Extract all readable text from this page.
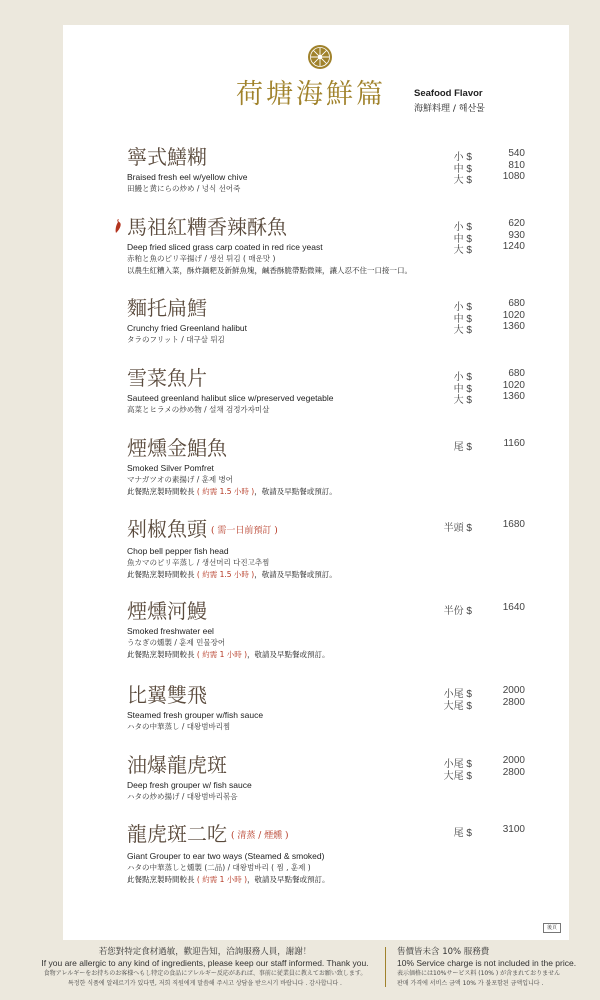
荷塘海鮮篇	Seafood Flavor
海鮮料理 / 해산물
寧式鱔糊
Braised fresh eel w/yellow chive
田鰻と黄にらの炒め / 넝식 선어죽
小 $	540
中 $	810
大 $	1080
馬祖紅糟香辣酥魚
Deep fried sliced grass carp coated in red rice yeast
赤粕と魚のピリ辛揚げ / 생선 튀김 ( 매운맛 )
以農生紅糟入菜，酥炸鍋粑及新鮮魚塊，鹹香酥脆帶點微辣，讓人忍不住一口接一口。
小 $	620
中 $	930
大 $	1240
麵托扁鱈
Crunchy fried Greenland halibut
タラのフリット / 대구살 튀김
小 $	680
中 $	1020
大 $	1360
雪菜魚片
Sauteed greenland halibut slice w/preserved vegetable
高菜とヒラメの炒め物 / 설채 검정가자미살
小 $	680
中 $	1020
大 $	1360
煙燻金鯧魚
Smoked Silver Pomfret
マナガツオの素揚げ / 훈제 병어
此餐點烹製時間較長 ( 約需 1.5 小時 )，敬請及早點餐或預訂。
尾 $	1160
剁椒魚頭 ( 需一日前預訂 )
Chop bell pepper fish head
魚カマのピリ辛蒸し / 생선머리 다진고추찜
此餐點烹製時間較長 ( 約需 1.5 小時 )，敬請及早點餐或預訂。
半頭 $	1680
煙燻河鰻
Smoked freshwater eel
うなぎの燻製 / 훈제 민물장어
此餐點烹製時間較長 ( 約需 1 小時 )，敬請及早點餐或預訂。
半份 $	1640
比翼雙飛
Steamed fresh grouper w/fish sauce
ハタの中華蒸し / 대왕범바리찜
小尾 $	2000
大尾 $	2800
油爆龍虎斑
Deep fresh grouper w/ fish sauce
ハタの炒め揚げ / 대왕범바리볶음
小尾 $	2000
大尾 $	2800
龍虎斑二吃 ( 清蒸 / 煙燻 )
Giant Grouper to ear two ways (Steamed & smoked)
ハタの中華蒸しと燻製 (二品) / 대왕범바리 ( 찜 , 훈제 )
此餐點烹製時間較長 ( 約需 1 小時 )，敬請及早點餐或預訂。
尾 $	3100
後頁
若您對特定食材過敏，歡迎告知，洽詢服務人員，謝謝！
If you are allergic to any kind of ingredients, please keep our staff informed. Thank you.
食物アレルギーをお持ちのお客様へもし特定の食品にアレルギー反応があれば、事前に従業員に教えてお願い致します。
특정한 식품에 알레르기가 있다면, 저희 직원에게 말씀해 주시고 상담을 받으시기 바랍니다 . 감사합니다 .
售價皆未含 10% 服務費
10% Service charge is not included in the price.
表示価格には10%サービス料 (10% ) が含まれておりません
판매 가격에 서비스 금액 10% 가 불포함된 금액입니다 .
